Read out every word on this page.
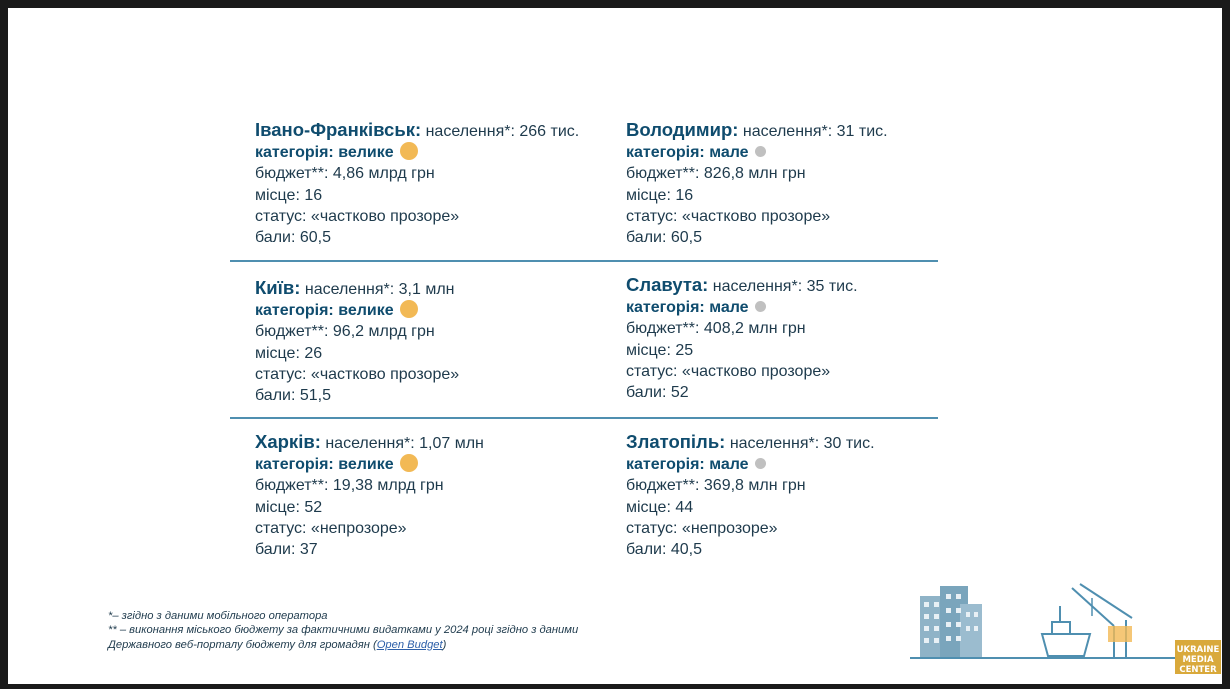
Івано-Франківськ: населення*: 266 тис.
категорія: велике
бюджет**: 4,86 млрд грн
місце: 16
статус: «частково прозоре»
бали: 60,5
Володимир: населення*: 31 тис.
категорія: мале
бюджет**: 826,8 млн грн
місце: 16
статус: «частково прозоре»
бали: 60,5
Київ: населення*: 3,1 млн
категорія: велике
бюджет**: 96,2 млрд грн
місце: 26
статус: «частково прозоре»
бали: 51,5
Славута: населення*: 35 тис.
категорія: мале
бюджет**: 408,2 млн грн
місце: 25
статус: «частково прозоре»
бали: 52
Харків: населення*: 1,07 млн
категорія: велике
бюджет**: 19,38 млрд грн
місце: 52
статус: «непрозоре»
бали: 37
Златопіль: населення*: 30 тис.
категорія: мале
бюджет**: 369,8 млн грн
місце: 44
статус: «непрозоре»
бали: 40,5
*– згідно з даними мобільного оператора
** – виконання міського бюджету за фактичними видатками у 2024 році згідно з даними
Державного веб-порталу бюджету для громадян (Open Budget)	UKRAINE
MEDIA CENTER
